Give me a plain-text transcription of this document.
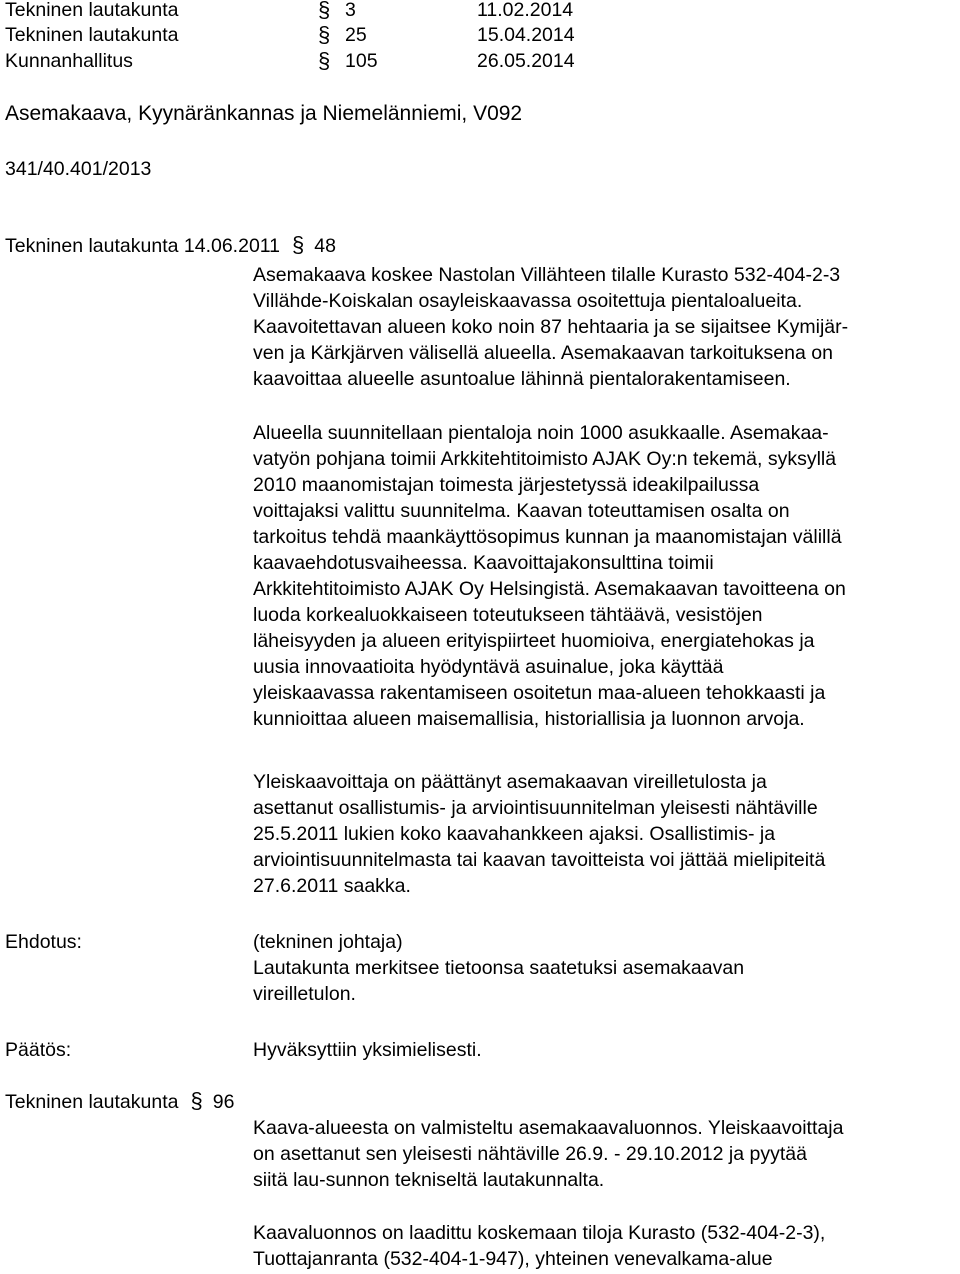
Tekninen lautakunta	§ 3	11.02.2014
Tekninen lautakunta	§ 25	15.04.2014
Kunnanhallitus	§ 105	26.05.2014
Asemakaava, Kyynäränkannas ja Niemelänniemi, V092
341/40.401/2013
Tekninen lautakunta 14.06.2011 § 48

Asemakaava koskee Nastolan Villähteen tilalle Kurasto 532-404-2-3

Villähde-Koiskalan osayleiskaavassa osoitettuja pientaloalueita.

Kaavoitettavan alueen koko noin 87 hehtaaria ja se sijaitsee Kymijär-

ven ja Kärkjärven välisellä alueella. Asemakaavan tarkoituksena on

kaavoittaa alueelle asuntoalue lähinnä pientalorakentamiseen.

Alueella suunnitellaan pientaloja noin 1000 asukkaalle. Asemakaa-

vatyön pohjana toimii Arkkitehtitoimisto AJAK Oy:n tekemä, syksyllä

2010 maanomistajan toimesta järjestetyssä ideakilpailussa

voittajaksi valittu suunnitelma. Kaavan toteuttamisen osalta on

tarkoitus tehdä maankäyttösopimus kunnan ja maanomistajan välillä

kaavaehdotusvaiheessa. Kaavoittajakonsulttina toimii

Arkkitehtitoimisto AJAK Oy Helsingistä. Asemakaavan tavoitteena on

luoda korkealuokkaiseen toteutukseen tähtäävä, vesistöjen

läheisyyden ja alueen erityispiirteet huomioiva, energiatehokas ja

uusia innovaatioita hyödyntävä asuinalue, joka käyttää

yleiskaavassa rakentamiseen osoitetun maa-alueen tehokkaasti ja

kunnioittaa alueen maisemallisia, historiallisia ja luonnon arvoja.

Yleiskaavoittaja on päättänyt asemakaavan vireilletulosta ja

asettanut osallistumis- ja arviointisuunnitelman yleisesti nähtäville

25.5.2011 lukien koko kaavahankkeen ajaksi. Osallistimis- ja

arviointisuunnitelmasta tai kaavan tavoitteista voi jättää mielipiteitä

27.6.2011 saakka.

Ehdotus:	(tekninen johtaja)

Lautakunta merkitsee tietoonsa saatetuksi asemakaavan

vireilletulon.

Päätös:	Hyväksyttiin yksimielisesti.

Tekninen lautakunta § 96

Kaava-alueesta on valmisteltu asemakaavaluonnos. Yleiskaavoittaja

on asettanut sen yleisesti nähtäville 26.9. - 29.10.2012 ja pyytää

siitä lau-sunnon tekniseltä lautakunnalta.

Kaavaluonnos on laadittu koskemaan tiloja Kurasto (532-404-2-3),

Tuottajanranta (532-404-1-947), yhteinen venevalkama-alue
